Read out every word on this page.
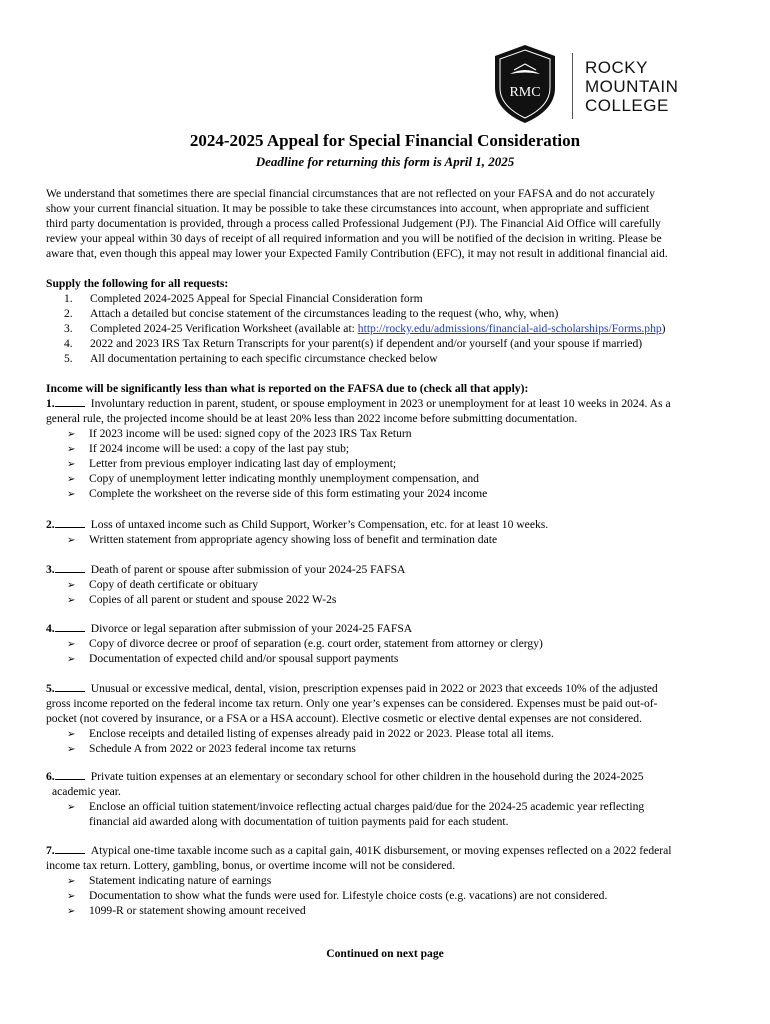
RMC
ROCKY
MOUNTAIN
COLLEGE
2024-2025 Appeal for Special Financial Consideration
Deadline for returning this form is April 1, 2025
We understand that sometimes there are special financial circumstances that are not reflected on your FAFSA and do not accurately
show your current financial situation. It may be possible to take these circumstances into account, when appropriate and sufficient
third party documentation is provided, through a process called Professional Judgement (PJ). The Financial Aid Office will carefully
review your appeal within 30 days of receipt of all required information and you will be notified of the decision in writing. Please be
aware that, even though this appeal may lower your Expected Family Contribution (EFC), it may not result in additional financial aid.
Supply the following for all requests:
1. Completed 2024-2025 Appeal for Special Financial Consideration form
2. Attach a detailed but concise statement of the circumstances leading to the request (who, why, when)
3. Completed 2024-25 Verification Worksheet (available at: http://rocky.edu/admissions/financial-aid-scholarships/Forms.php)
4. 2022 and 2023 IRS Tax Return Transcripts for your parent(s) if dependent and/or yourself (and your spouse if married)
5. All documentation pertaining to each specific circumstance checked below
Income will be significantly less than what is reported on the FAFSA due to (check all that apply):
1.	Involuntary reduction in parent, student, or spouse employment in 2023 or unemployment for at least 10 weeks in 2024. As a
general rule, the projected income should be at least 20% less than 2022 income before submitting documentation.
➢ If 2023 income will be used: signed copy of the 2023 IRS Tax Return
➢ If 2024 income will be used: a copy of the last pay stub;
➢ Letter from previous employer indicating last day of employment;
➢ Copy of unemployment letter indicating monthly unemployment compensation, and
➢ Complete the worksheet on the reverse side of this form estimating your 2024 income
2.	Loss of untaxed income such as Child Support, Worker’s Compensation, etc. for at least 10 weeks.
➢ Written statement from appropriate agency showing loss of benefit and termination date
3.	Death of parent or spouse after submission of your 2024-25 FAFSA
➢ Copy of death certificate or obituary
➢ Copies of all parent or student and spouse 2022 W-2s
4.	Divorce or legal separation after submission of your 2024-25 FAFSA
➢ Copy of divorce decree or proof of separation (e.g. court order, statement from attorney or clergy)
➢ Documentation of expected child and/or spousal support payments
5.	Unusual or excessive medical, dental, vision, prescription expenses paid in 2022 or 2023 that exceeds 10% of the adjusted
gross income reported on the federal income tax return. Only one year’s expenses can be considered. Expenses must be paid out-of-
pocket (not covered by insurance, or a FSA or a HSA account). Elective cosmetic or elective dental expenses are not considered.
➢ Enclose receipts and detailed listing of expenses already paid in 2022 or 2023. Please total all items.
➢ Schedule A from 2022 or 2023 federal income tax returns
6.	Private tuition expenses at an elementary or secondary school for other children in the household during the 2024-2025
academic year.
➢ Enclose an official tuition statement/invoice reflecting actual charges paid/due for the 2024-25 academic year reflecting
financial aid awarded along with documentation of tuition payments paid for each student.
7.	Atypical one-time taxable income such as a capital gain, 401K disbursement, or moving expenses reflected on a 2022 federal
income tax return. Lottery, gambling, bonus, or overtime income will not be considered.
➢ Statement indicating nature of earnings
➢ Documentation to show what the funds were used for. Lifestyle choice costs (e.g. vacations) are not considered.
➢ 1099-R or statement showing amount received
Continued on next page
